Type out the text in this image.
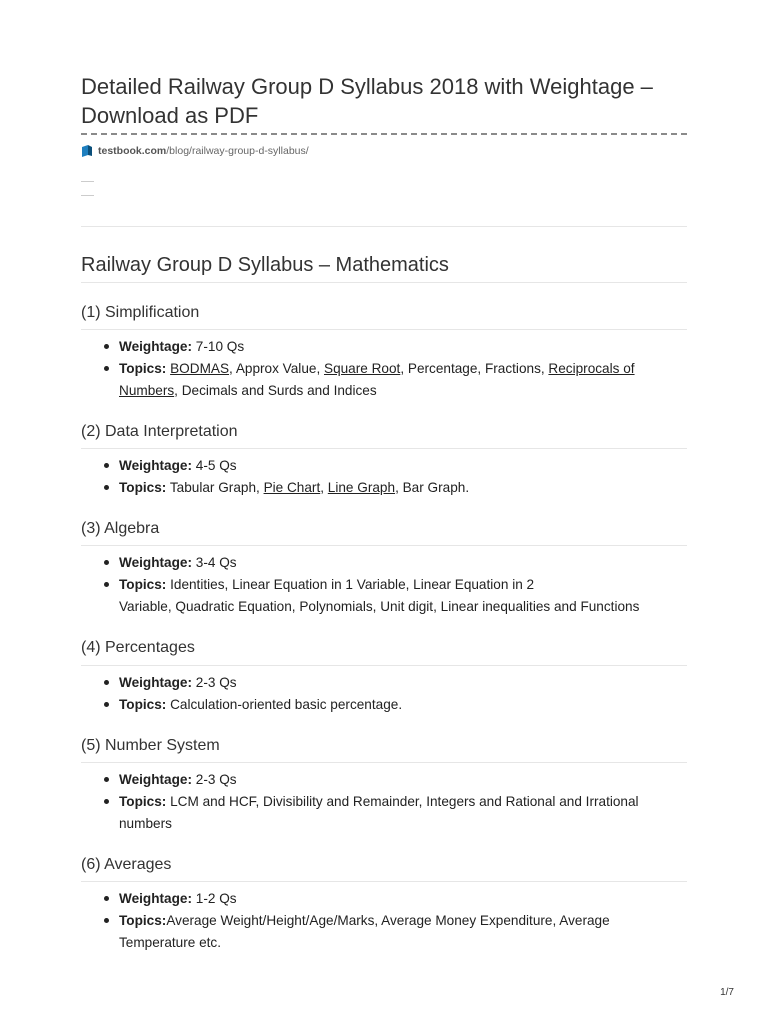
Detailed Railway Group D Syllabus 2018 with Weightage –
Download as PDF
testbook.com /blog/railway-group-d-syllabus/
Railway Group D Syllabus – Mathematics
(1) Simplification
Weightage: 7-10 Qs
Topics: BODMAS, Approx Value, Square Root, Percentage, Fractions, Reciprocals of
Numbers, Decimals and Surds and Indices
(2) Data Interpretation
Weightage: 4-5 Qs
Topics: Tabular Graph, Pie Chart, Line Graph, Bar Graph.
(3) Algebra
Weightage: 3-4 Qs
Topics: Identities, Linear Equation in 1 Variable, Linear Equation in 2
Variable, Quadratic Equation, Polynomials, Unit digit, Linear inequalities and Functions
(4) Percentages
Weightage: 2-3 Qs
Topics: Calculation-oriented basic percentage.
(5) Number System
Weightage: 2-3 Qs
Topics: LCM and HCF, Divisibility and Remainder, Integers and Rational and Irrational
numbers
(6) Averages
Weightage: 1-2 Qs
Topics:Average Weight/Height/Age/Marks, Average Money Expenditure, Average
Temperature etc.
1/7
